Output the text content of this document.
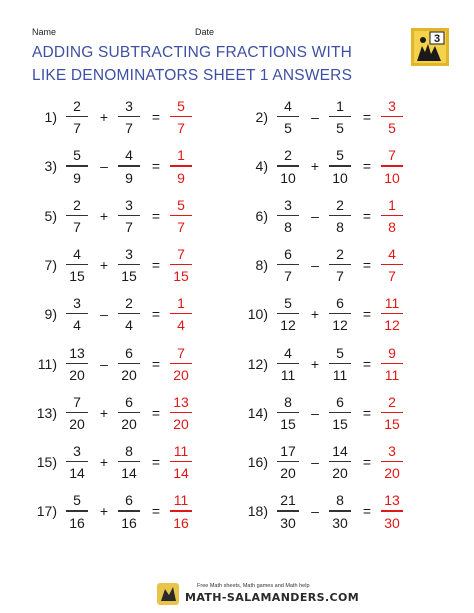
Name	Date
ADDING SUBTRACTING FRACTIONS WITH
LIKE DENOMINATORS SHEET 1 ANSWERS
3
1)
2
7
+
3
7
=
5
7
2)
4
5
–
1
5
=
3
5
3)
5
9
–
4
9
=
1
9
4)
2
10
+
5
10
=
7
10
5)
2
7
+
3
7
=
5
7
6)
3
8
–
2
8
=
1
8
7)
4
15
+
3
15
=
7
15
8)
6
7
–
2
7
=
4
7
9)
3
4
–
2
4
=
1
4
10)
5
12
+
6
12
=
11
12
11)
13
20
–
6
20
=
7
20
12)
4
11
+
5
11
=
9
11
13)
7
20
+
6
20
=
13
20
14)
8
15
–
6
15
=
2
15
15)
3
14
+
8
14
=
11
14
16)
17
20
–
14
20
=
3
20
17)
5
16
+
6
16
=
11
16
18)
21
30
–
8
30
=
13
30
Free Math sheets, Math games and Math help
MATH-SALAMANDERS.COM
